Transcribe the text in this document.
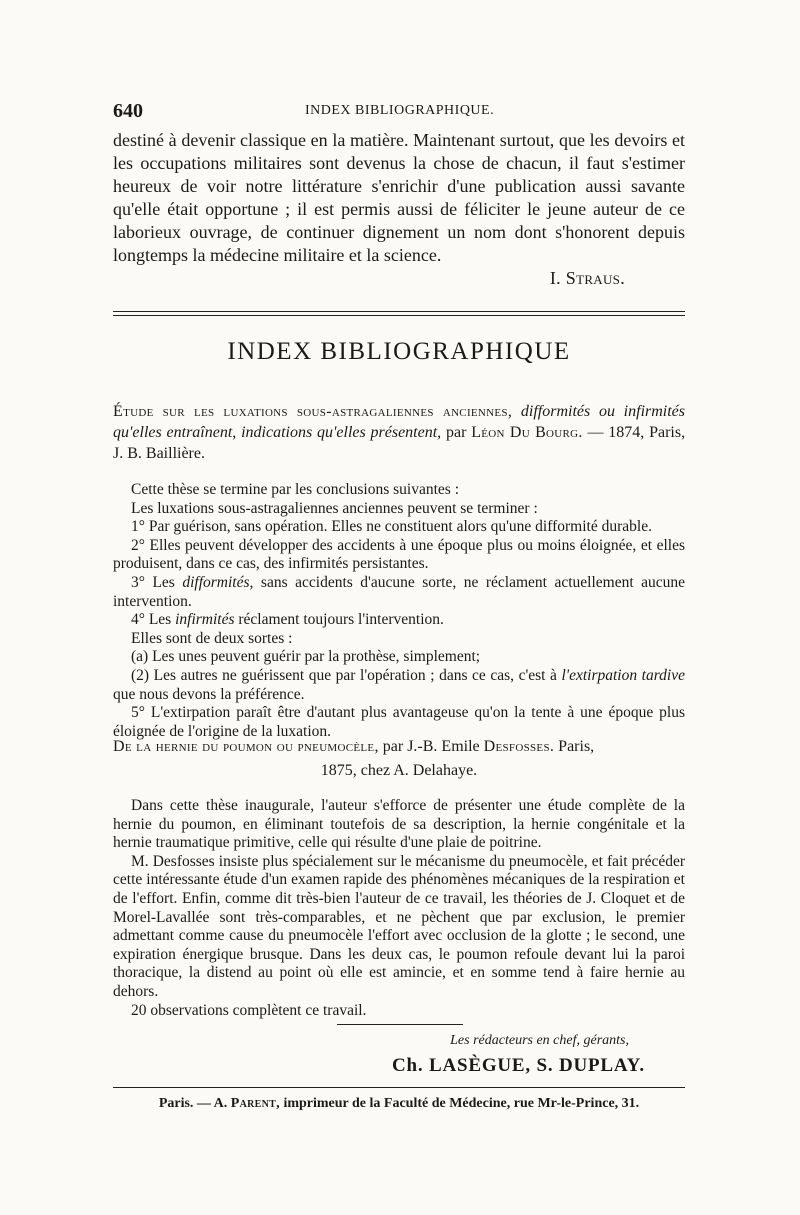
640	INDEX BIBLIOGRAPHIQUE.

destiné à devenir classique en la matière. Maintenant surtout, que les devoirs et les occupations militaires sont devenus la chose de chacun, il faut s'estimer heureux de voir notre littérature s'enrichir d'une publication aussi savante qu'elle était opportune ; il est permis aussi de féliciter le jeune auteur de ce laborieux ouvrage, de continuer dignement un nom dont s'honorent depuis longtemps la médecine militaire et la science.

I. Straus.
INDEX BIBLIOGRAPHIQUE
Étude sur les luxations sous-astragaliennes anciennes, difformités ou infirmités qu'elles entraînent, indications qu'elles présentent, par Léon Du Bourg. — 1874, Paris, J. B. Baillière.

Cette thèse se termine par les conclusions suivantes :

Les luxations sous-astragaliennes anciennes peuvent se terminer :

1° Par guérison, sans opération. Elles ne constituent alors qu'une difformité durable.

2° Elles peuvent développer des accidents à une époque plus ou moins éloignée, et elles produisent, dans ce cas, des infirmités persistantes.

3° Les difformités, sans accidents d'aucune sorte, ne réclament actuellement aucune intervention.

4° Les infirmités réclament toujours l'intervention.

Elles sont de deux sortes :

(a) Les unes peuvent guérir par la prothèse, simplement;

(2) Les autres ne guérissent que par l'opération ; dans ce cas, c'est à l'extirpation tardive que nous devons la préférence.

5° L'extirpation paraît être d'autant plus avantageuse qu'on la tente à une époque plus éloignée de l'origine de la luxation.

De la hernie du poumon ou pneumocèle, par J.-B. Emile Desfosses. Paris,
1875, chez A. Delahaye.

Dans cette thèse inaugurale, l'auteur s'efforce de présenter une étude complète de la hernie du poumon, en éliminant toutefois de sa description, la hernie congénitale et la hernie traumatique primitive, celle qui résulte d'une plaie de poitrine.

M. Desfosses insiste plus spécialement sur le mécanisme du pneumocèle, et fait précéder cette intéressante étude d'un examen rapide des phénomènes mécaniques de la respiration et de l'effort. Enfin, comme dit très-bien l'auteur de ce travail, les théories de J. Cloquet et de Morel-Lavallée sont très-comparables, et ne pèchent que par exclusion, le premier admettant comme cause du pneumocèle l'effort avec occlusion de la glotte ; le second, une expiration énergique brusque. Dans les deux cas, le poumon refoule devant lui la paroi thoracique, la distend au point où elle est amincie, et en somme tend à faire hernie au dehors.

20 observations complètent ce travail.

Les rédacteurs en chef, gérants,
Ch. LASÈGUE, S. DUPLAY.
Paris. — A. Parent, imprimeur de la Faculté de Médecine, rue Mr-le-Prince, 31.
